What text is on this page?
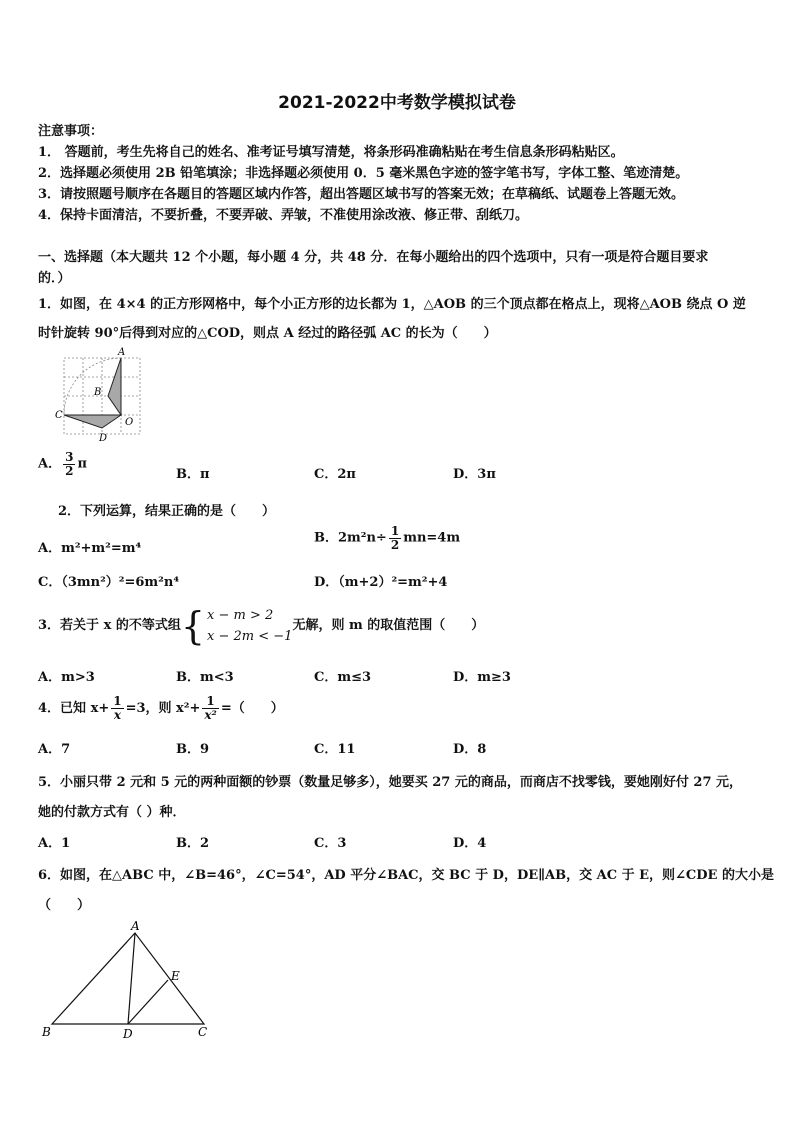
2021-2022中考数学模拟试卷
注意事项：
1． 答题前，考生先将自己的姓名、准考证号填写清楚，将条形码准确粘贴在考生信息条形码粘贴区。
2．选择题必须使用 2B 铅笔填涂；非选择题必须使用 0．5 毫米黑色字迹的签字笔书写，字体工整、笔迹清楚。
3．请按照题号顺序在各题目的答题区域内作答，超出答题区域书写的答案无效；在草稿纸、试题卷上答题无效。
4．保持卡面清洁，不要折叠，不要弄破、弄皱，不准使用涂改液、修正带、刮纸刀。
一、选择题（本大题共 12 个小题，每小题 4 分，共 48 分．在每小题给出的四个选项中，只有一项是符合题目要求
的．）
1．如图，在 4×4 的正方形网格中，每个小正方形的边长都为 1，△AOB 的三个顶点都在格点上，现将△AOB 绕点 O 逆
时针旋转 90°后得到对应的△COD，则点 A 经过的路径弧 AC 的长为（　　）
A
B
C
O
D
A． $\frac{3}{2}$ π
B．π	C．2π	D．3π
2．下列运算，结果正确的是（　　）
A．m²+m²=m⁴
B．$2m^2n\div \frac{1}{2} mn=4m$
C．（3mn²）²=6m²n⁴	D．（m+2）²=m²+4
3．若关于 x 的不等式组{ x − m > 2
x − 2m < −1
无解，则 m 的取值范围（　　）
A．m>3	B．m<3	C．m≤3	D．m≥3
4．已知 $x+ \frac{1}{x} =3$，则 $x^2+ \frac{1}{\text{x²}}$ =（　　）
A．7	B．9	C．11	D．8
5．小丽只带 2 元和 5 元的两种面额的钞票（数量足够多），她要买 27 元的商品，而商店不找零钱，要她刚好付 27 元，
她的付款方式有（ ）种．
A．1	B．2	C．3	D．4
6．如图，在△ABC 中，∠B=46°，∠C=54°，AD 平分∠BAC，交 BC 于 D，DE∥AB，交 AC 于 E，则∠CDE 的大小是
（　　）
A
B	C
D
E
